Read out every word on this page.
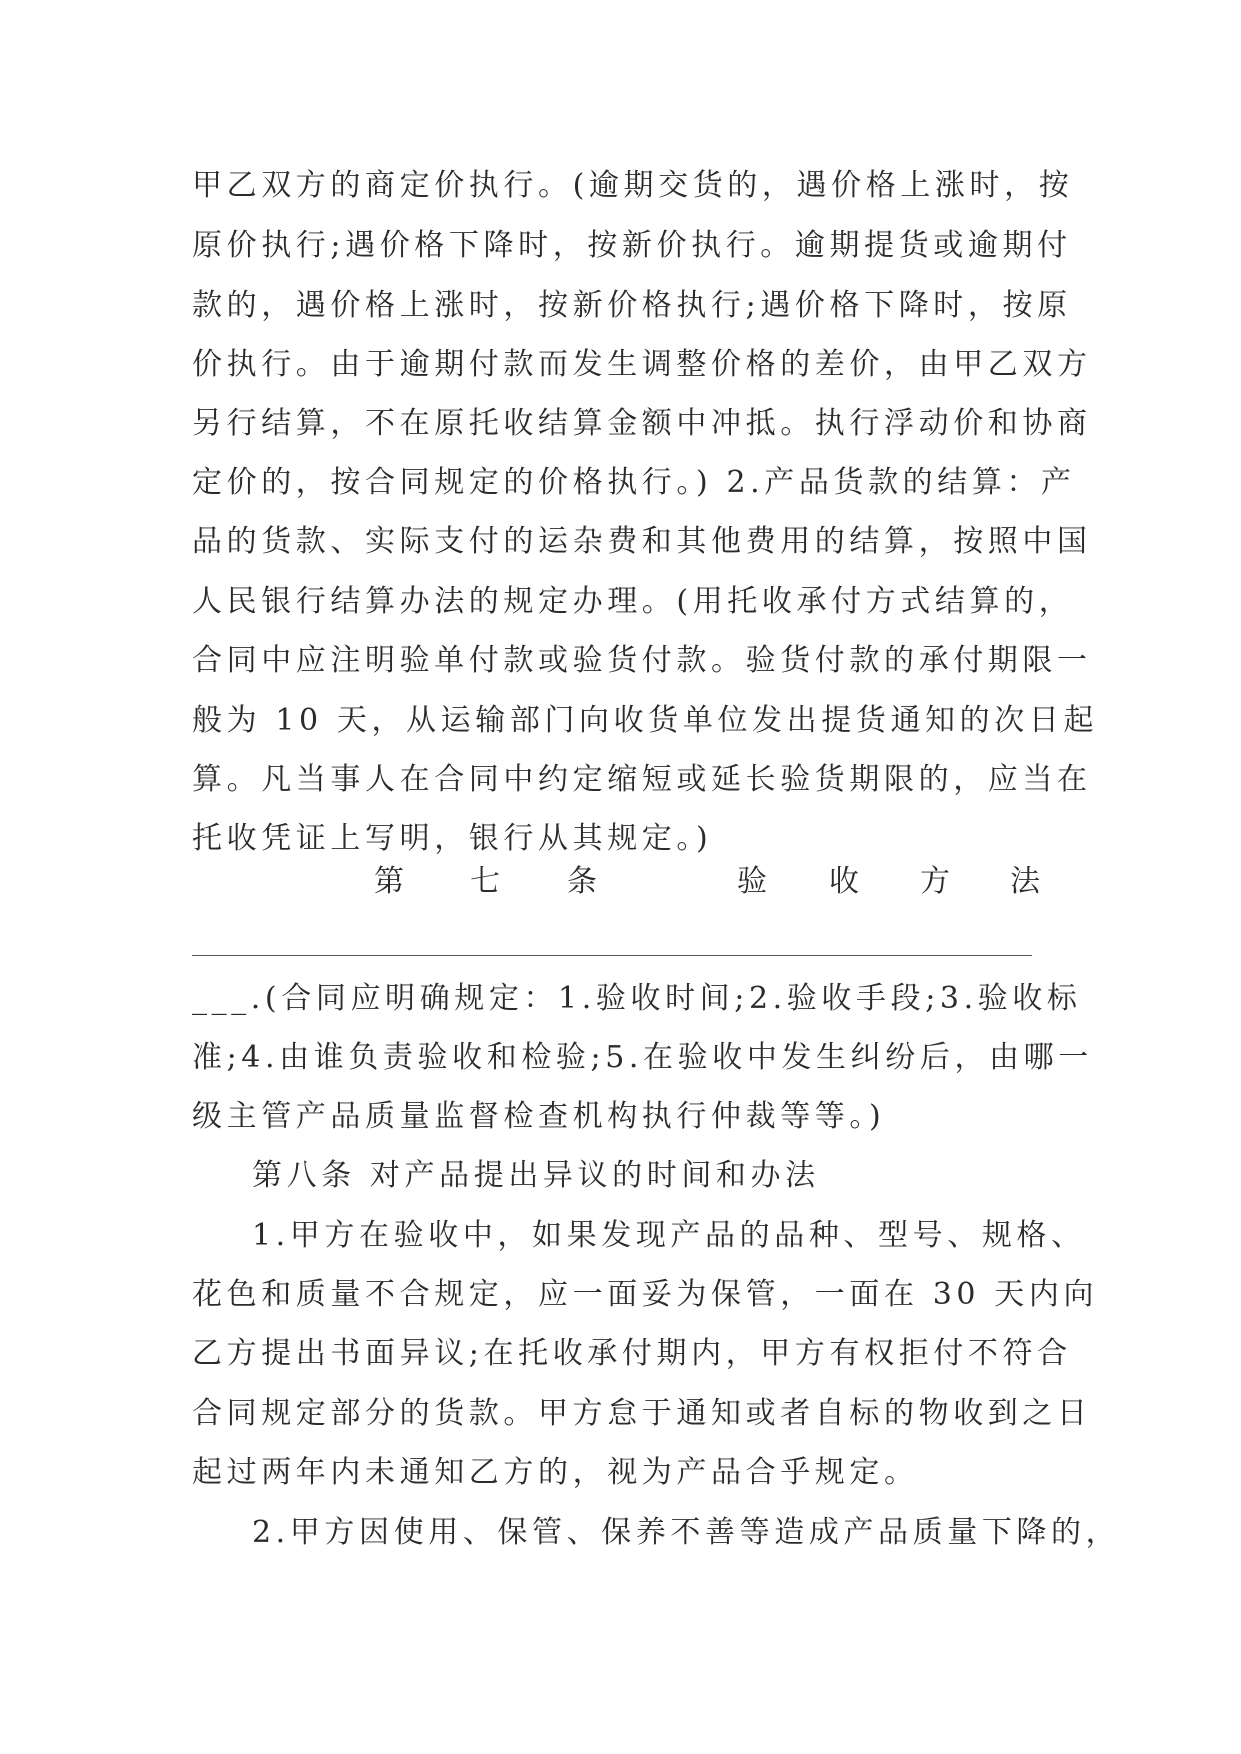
甲乙双方的商定价执行。(逾期交货的，遇价格上涨时，按
原价执行;遇价格下降时，按新价执行。逾期提货或逾期付
款的，遇价格上涨时，按新价格执行;遇价格下降时，按原
价执行。由于逾期付款而发生调整价格的差价，由甲乙双方
另行结算，不在原托收结算金额中冲抵。执行浮动价和协商
定价的，按合同规定的价格执行。) 2.产品货款的结算：产
品的货款、实际支付的运杂费和其他费用的结算，按照中国
人民银行结算办法的规定办理。(用托收承付方式结算的，
合同中应注明验单付款或验货付款。验货付款的承付期限一
般为 10 天，从运输部门向收货单位发出提货通知的次日起
算。凡当事人在合同中约定缩短或延长验货期限的，应当在
托收凭证上写明，银行从其规定。)
第 七 条	验 收 方 法
___.(合同应明确规定：1.验收时间;2.验收手段;3.验收标
准;4.由谁负责验收和检验;5.在验收中发生纠纷后，由哪一
级主管产品质量监督检查机构执行仲裁等等。)
第八条 对产品提出异议的时间和办法
1.甲方在验收中，如果发现产品的品种、型号、规格、
花色和质量不合规定，应一面妥为保管，一面在 30 天内向
乙方提出书面异议;在托收承付期内，甲方有权拒付不符合
合同规定部分的货款。甲方怠于通知或者自标的物收到之日
起过两年内未通知乙方的，视为产品合乎规定。
2.甲方因使用、保管、保养不善等造成产品质量下降的，
